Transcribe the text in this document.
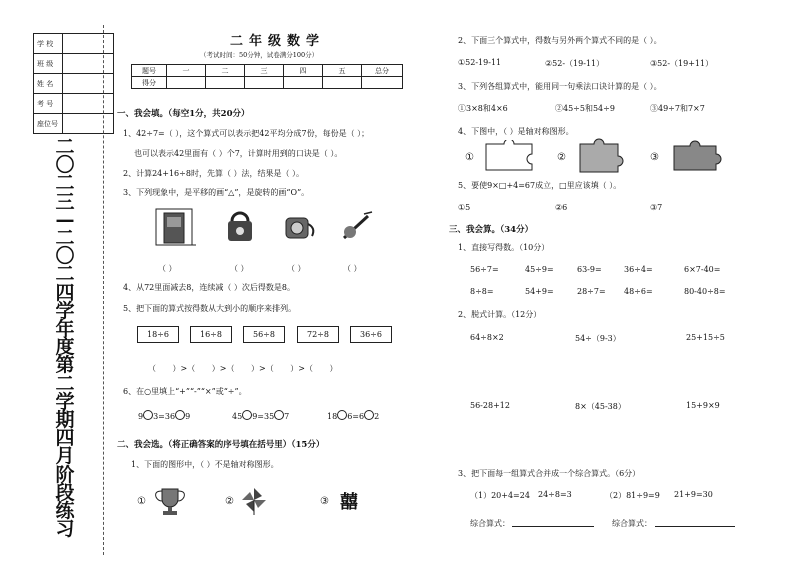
学 校	
班 级	
姓 名	
考 号	
座位号	
二〇二三—二〇二四学年度第二学期四月阶段练习
二年级数学
（考试时间：50分钟，试卷满分100分）
题号	一	二	三	四	五	总分
得分						
一、我会填。（每空1分，共20分）
1、42÷7=（ ），这个算式可以表示把42平均分成7份，每份是（ ）；
也可以表示42里面有（ ）个7，计算时用到的口诀是（ ）。
2、计算24+16÷8时，先算（ ）法，结果是（ ）。
3、下列现象中，是平移的画“△”，是旋转的画“O”。
（ ）	（ ）	（ ）	（ ）
4、从72里面减去8，连续减（ ）次后得数是8。
5、把下面的算式按得数从大到小的顺序来排列。
18÷6	16÷8	56÷8	72÷8	36÷6
（ ）>（ ）>（ ）>（ ）>（ ）
6、在○里填上“+”“-”“×”或“÷”。
9 3=36 9	45 9=35 7	18 6=6 2
二、我会选。（将正确答案的序号填在括号里）（15分）
1、下面的图形中，（ ）不是轴对称图形。
①	②	③ 囍
2、下面三个算式中，得数与另外两个算式不同的是（ ）。
①52-19-11	②52-（19-11）	③52-（19+11）
3、下列各组算式中，能用同一句乘法口诀计算的是（ ）。
①3×8和4×6	②45÷5和54÷9	③49÷7和7×7
4、下图中，（ ）是轴对称图形。
①	②	③
5、要使9×□+4=67成立，□里应该填（ ）。
①5	②6	③7
三、我会算。（34分）
1、直接写得数。（10分）
56÷7=	45÷9=	63-9=	36÷4=	6×7-40=
8÷8=	54+9=	28÷7= 48÷6=	80-40÷8=
2、脱式计算。（12分）
64÷8×2	54÷（9-3）	25+15÷5
56-28+12	8×（45-38）	15+9×9
3、把下面每一组算式合并成一个综合算式。（6分）
（1）20+4=24 24÷8=3	（2）81÷9=9 21+9=30
综合算式：	综合算式：
